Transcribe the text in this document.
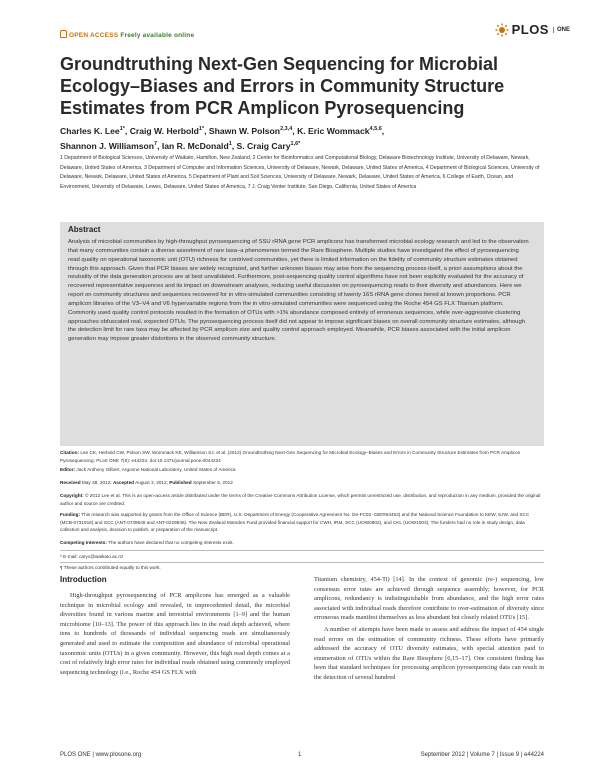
OPEN ACCESS Freely available online	PLOS	ONE
Groundtruthing Next-Gen Sequencing for Microbial Ecology–Biases and Errors in Community Structure Estimates from PCR Amplicon Pyrosequencing
Charles K. Lee$^{1*}$, Craig W. Herbold$^{1*}$, Shawn W. Polson$^{2,3,4}$, K. Eric Wommack$^{4,5,6}$,
Shannon J. Williamson$^7$, Ian R. McDonald$^1$, S. Craig Cary$^{1,6*}$
1 Department of Biological Sciences, University of Waikato, Hamilton, New Zealand, 2 Center for Bioinformatics and Computational Biology, Delaware Biotechnology Institute, University of Delaware, Newark, Delaware, United States of America, 3 Department of Computer and Information Sciences, University of Delaware, Newark, Delaware, United States of America, 4 Department of Biological Sciences, University of Delaware, Newark, Delaware, United States of America, 5 Department of Plant and Soil Sciences, University of Delaware, Newark, Delaware, United States of America, 6 College of Earth, Ocean, and Environment, University of Delaware, Lewes, Delaware, United States of America, 7 J. Craig Venter Institute, San Diego, California, United States of America
Abstract

Analysis of microbial communities by high-throughput pyrosequencing of SSU rRNA gene PCR amplicons has transformed microbial ecology research and led to the observation that many communities contain a diverse assortment of rare taxa–a phenomenon termed the Rare Biosphere. Multiple studies have investigated the effect of pyrosequencing read quality on operational taxonomic unit (OTU) richness for contrived communities, yet there is limited information on the fidelity of community structure estimates obtained through this approach. Given that PCR biases are widely recognized, and further unknown biases may arise from the sequencing process itself, a priori assumptions about the neutrality of the data generation process are at best unvalidated. Furthermore, post-sequencing quality control algorithms have not been explicitly evaluated for the accuracy of recovered representative sequences and its impact on downstream analyses, reducing useful discussion on pyrosequencing reads to their diversity and abundances. Here we report on community structures and sequences recovered for in vitro-simulated communities consisting of twenty 16S rRNA gene clones tiered at known proportions. PCR amplicon libraries of the V3–V4 and V6 hypervariable regions from the in vitro-simulated communities were sequenced using the Roche 454 GS FLX Titanium platform. Commonly used quality control protocols resulted in the formation of OTUs with >1% abundance composed entirely of erroneous sequences, while over-aggressive clustering approaches obfuscated real, expected OTUs. The pyrosequencing process itself did not appear to impose significant biases on overall community structure estimates, although the detection limit for rare taxa may be affected by PCR amplicon size and quality control approach employed. Meanwhile, PCR biases associated with the initial amplicon generation may impose greater distortions in the observed community structure.

Citation: Lee CK, Herbold CW, Polson SW, Wommack KE, Williamson SJ, et al. (2012) Groundtruthing Next-Gen Sequencing for Microbial Ecology–Biases and Errors in Community Structure Estimates from PCR Amplicon Pyrosequencing. PLoS ONE 7(9): e44224. doi:10.1371/journal.pone.0044224
Editor: Jack Anthony Gilbert, Argonne National Laboratory, United States of America
Received May 28, 2012; Accepted August 3, 2012; Published September 6, 2012
Copyright: © 2012 Lee et al. This is an open-access article distributed under the terms of the Creative Commons Attribution License, which permits unrestricted use, distribution, and reproduction in any medium, provided the original author and source are credited.
Funding: This research was supported by grants from the Office of Science (BER), U.S. Department of Energy (Cooperative Agreement No. De-FC02- 02ER63453) and the National Science Foundation to KEW, SJW, and SCC (MCB-0731916) and SCC (ANT-0739648 and ANT-0229836). The New Zealand Marsden Fund provided financial support for CWH, IRM, SCC (UOW0802), and CKL (UOW1003). The funders had no role in study design, data collection and analysis, decision to publish, or preparation of the manuscript.
Competing Interests: The authors have declared that no competing interests exist.
* E-mail: caryc@waikato.ac.nz
¶ These authors contributed equally to this work.
Introduction

High-throughput pyrosequencing of PCR amplicons has emerged as a valuable technique in microbial ecology and revealed, in unprecedented detail, the microbial diversities found in various marine and terrestrial environments [1–9] and the human microbiome [10–13]. The power of this approach lies in the read depth achieved, where tens to hundreds of thousands of individual sequencing reads are simultaneously generated and used to estimate the composition and abundance of microbial operational taxonomic units (OTUs) in a given community. However, this high read depth comes at a cost of relatively high error rates for individual reads obtained using commonly employed sequencing technology (i.e., Roche 454 GS FLX with

Titanium chemistry, 454-Ti) [14]. In the context of genomic (re-) sequencing, low consensus error rates are achieved through sequence assembly; however, for PCR amplicons, redundancy is indistinguishable from abundance, and the high error rates associated with individual reads therefore contribute to over-estimation of diversity since erroneous reads manifest themselves as less abundant but closely related OTUs [15].

A number of attempts have been made to assess and address the impact of 454 single read errors on the estimation of community richness. These efforts have primarily addressed the accuracy of OTU diversity estimates, with special attention paid to enumeration of OTUs within the Rare Biosphere [6,15–17]. One consistent finding has been that standard techniques for processing amplicon pyrosequencing data can result in the detection of several hundred

PLOS ONE | www.plosone.org	1	September 2012 | Volume 7 | Issue 9 | e44224
